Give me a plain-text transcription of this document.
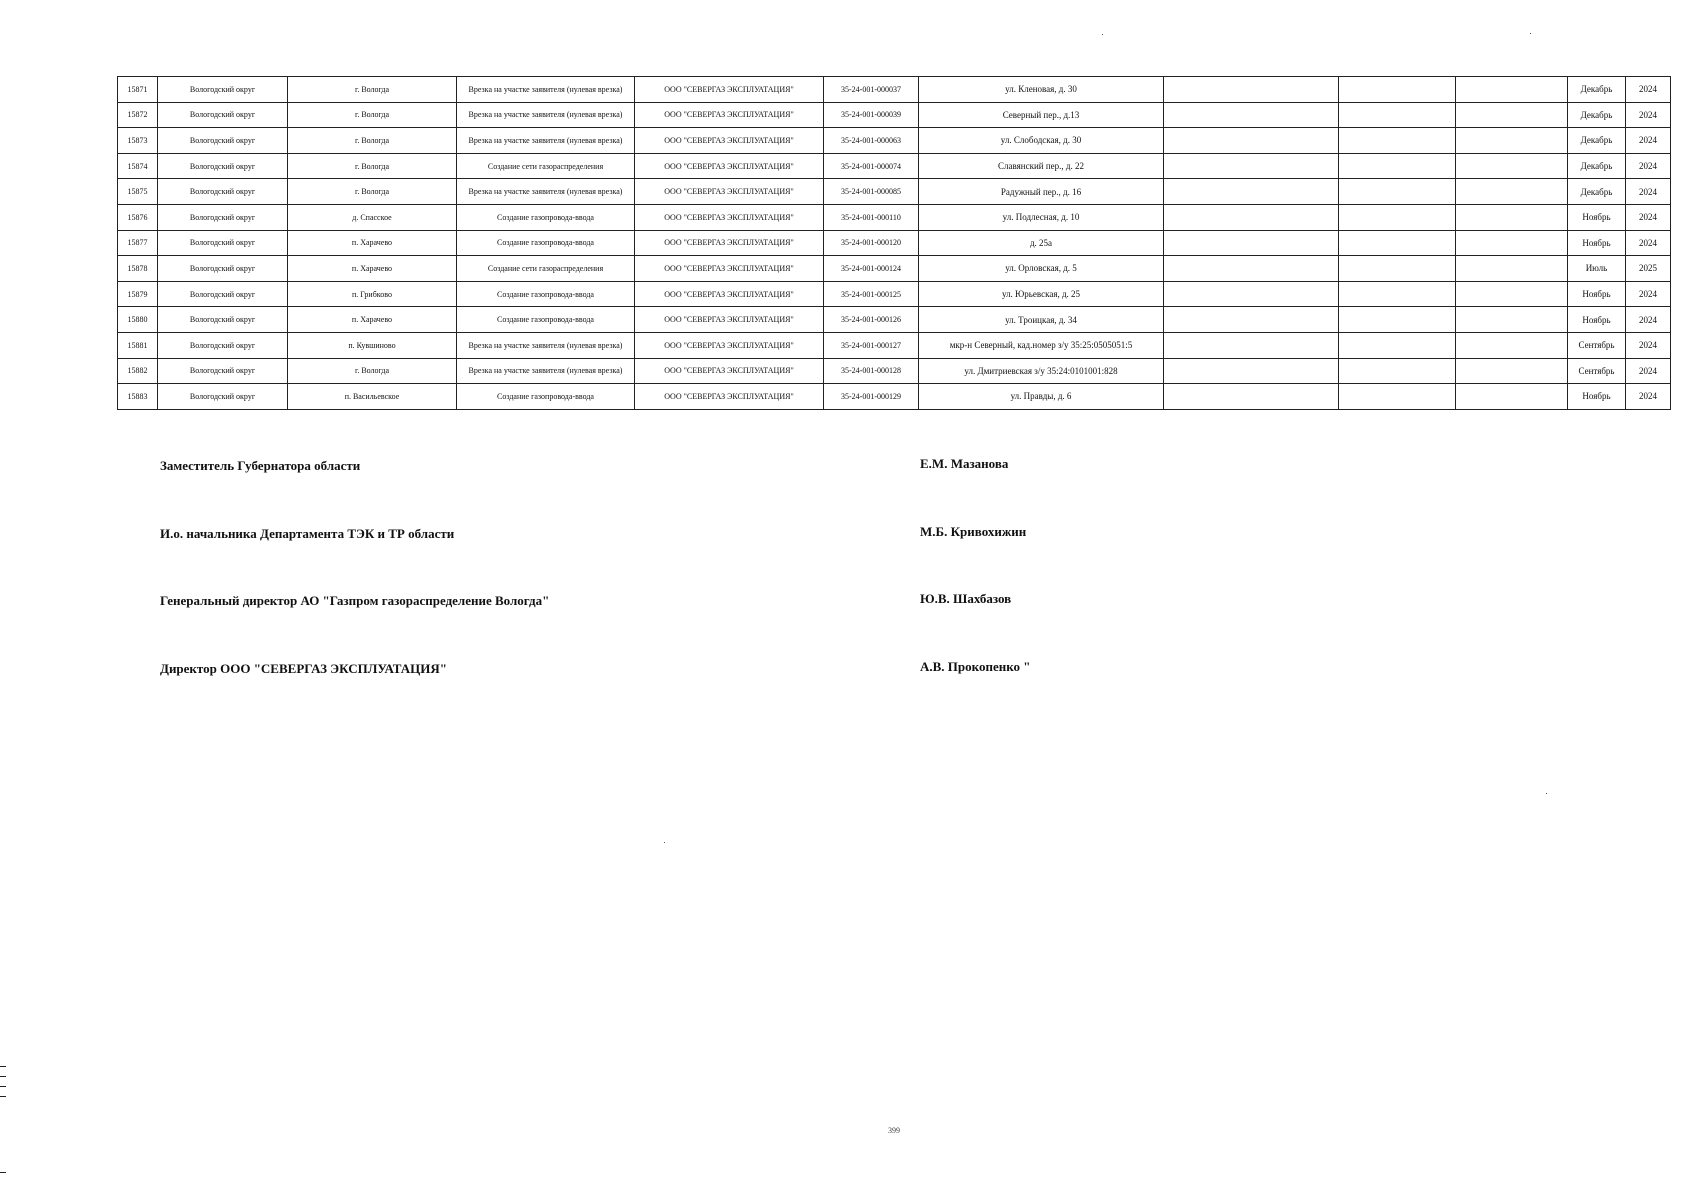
15871	Вологодский округ	г. Вологда	Врезка на участке заявителя (нулевая врезка)	ООО "СЕВЕРГАЗ ЭКСПЛУАТАЦИЯ"	35-24-001-000037	ул. Кленовая, д. 30				Декабрь	2024
15872	Вологодский округ	г. Вологда	Врезка на участке заявителя (нулевая врезка)	ООО "СЕВЕРГАЗ ЭКСПЛУАТАЦИЯ"	35-24-001-000039	Северный пер., д.13				Декабрь	2024
15873	Вологодский округ	г. Вологда	Врезка на участке заявителя (нулевая врезка)	ООО "СЕВЕРГАЗ ЭКСПЛУАТАЦИЯ"	35-24-001-000063	ул. Слободская, д. 30				Декабрь	2024
15874	Вологодский округ	г. Вологда	Создание сети газораспределения	ООО "СЕВЕРГАЗ ЭКСПЛУАТАЦИЯ"	35-24-001-000074	Славянский пер., д. 22				Декабрь	2024
15875	Вологодский округ	г. Вологда	Врезка на участке заявителя (нулевая врезка)	ООО "СЕВЕРГАЗ ЭКСПЛУАТАЦИЯ"	35-24-001-000085	Радужный пер., д. 16				Декабрь	2024
15876	Вологодский округ	д. Спасское	Создание газопровода-ввода	ООО "СЕВЕРГАЗ ЭКСПЛУАТАЦИЯ"	35-24-001-000110	ул. Подлесная, д. 10				Ноябрь	2024
15877	Вологодский округ	п. Харачево	Создание газопровода-ввода	ООО "СЕВЕРГАЗ ЭКСПЛУАТАЦИЯ"	35-24-001-000120	д. 25а				Ноябрь	2024
15878	Вологодский округ	п. Харачево	Создание сети газораспределения	ООО "СЕВЕРГАЗ ЭКСПЛУАТАЦИЯ"	35-24-001-000124	ул. Орловская, д. 5				Июль	2025
15879	Вологодский округ	п. Грибково	Создание газопровода-ввода	ООО "СЕВЕРГАЗ ЭКСПЛУАТАЦИЯ"	35-24-001-000125	ул. Юрьевская, д. 25				Ноябрь	2024
15880	Вологодский округ	п. Харачево	Создание газопровода-ввода	ООО "СЕВЕРГАЗ ЭКСПЛУАТАЦИЯ"	35-24-001-000126	ул. Троицкая, д. 34				Ноябрь	2024
15881	Вологодский округ	п. Кувшиново	Врезка на участке заявителя (нулевая врезка)	ООО "СЕВЕРГАЗ ЭКСПЛУАТАЦИЯ"	35-24-001-000127	мкр-н Северный, кад.номер з/у 35:25:0505051:5				Сентябрь	2024
15882	Вологодский округ	г. Вологда	Врезка на участке заявителя (нулевая врезка)	ООО "СЕВЕРГАЗ ЭКСПЛУАТАЦИЯ"	35-24-001-000128	ул. Дмитриевская з/у 35:24:0101001:828				Сентябрь	2024
15883	Вологодский округ	п. Васильевское	Создание газопровода-ввода	ООО "СЕВЕРГАЗ ЭКСПЛУАТАЦИЯ"	35-24-001-000129	ул. Правды, д. 6				Ноябрь	2024
Заместитель Губернатора области	Е.М. Мазанова
И.о. начальника Департамента ТЭК и ТР области	М.Б. Кривохижин
Генеральный директор АО "Газпром газораспределение Вологда"	Ю.В. Шахбазов
Директор ООО "СЕВЕРГАЗ ЭКСПЛУАТАЦИЯ"	А.В. Прокопенко "
399
